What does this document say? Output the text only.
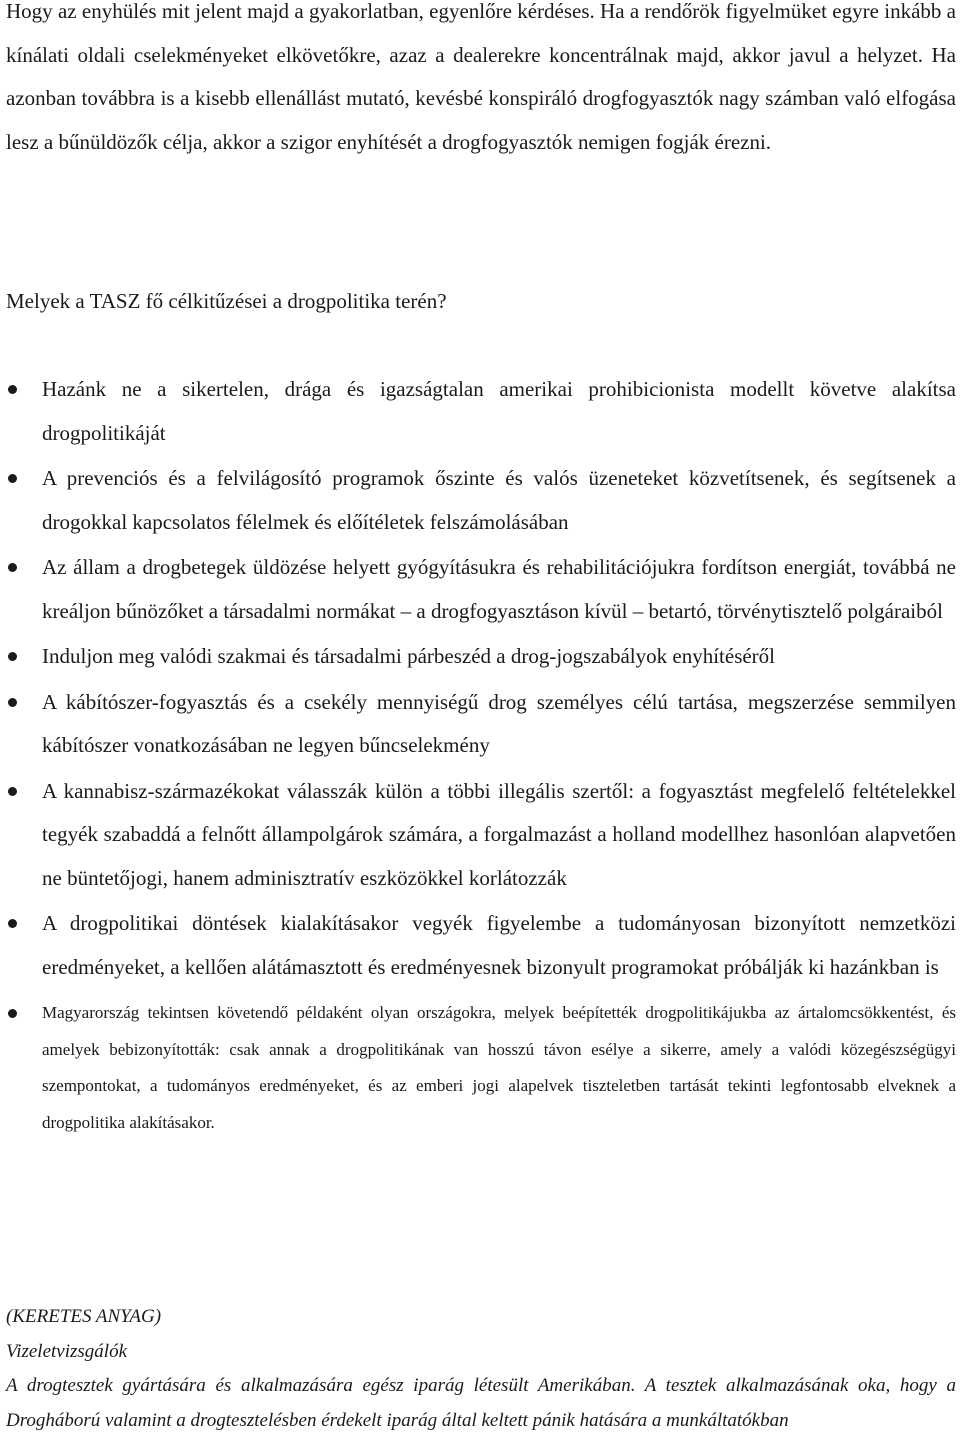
Hogy az enyhülés mit jelent majd a gyakorlatban, egyenlőre kérdéses. Ha a rendőrök figyelmüket egyre inkább a kínálati oldali cselekményeket elkövetőkre, azaz a dealerekre koncentrálnak majd, akkor javul a helyzet. Ha azonban továbbra is a kisebb ellenállást mutató, kevésbé konspiráló drogfogyasztók nagy számban való elfogása lesz a bűnüldözők célja, akkor a szigor enyhítését a drogfogyasztók nemigen fogják érezni.

Melyek a TASZ fő célkitűzései a drogpolitika terén?

Hazánk ne a sikertelen, drága és igazságtalan amerikai prohibicionista modellt követve alakítsa drogpolitikáját
A prevenciós és a felvilágosító programok őszinte és valós üzeneteket közvetítsenek, és segítsenek a drogokkal kapcsolatos félelmek és előítéletek felszámolásában
Az állam a drogbetegek üldözése helyett gyógyításukra és rehabilitációjukra fordítson energiát, továbbá ne kreáljon bűnözőket a társadalmi normákat – a drogfogyasztáson kívül – betartó, törvénytisztelő polgáraiból
Induljon meg valódi szakmai és társadalmi párbeszéd a drog-jogszabályok enyhítéséről
A kábítószer-fogyasztás és a csekély mennyiségű drog személyes célú tartása, megszerzése semmilyen kábítószer vonatkozásában ne legyen bűncselekmény
A kannabisz-származékokat válasszák külön a többi illegális szertől: a fogyasztást megfelelő feltételekkel tegyék szabaddá a felnőtt állampolgárok számára, a forgalmazást a holland modellhez hasonlóan alapvetően ne büntetőjogi, hanem adminisztratív eszközökkel korlátozzák
A drogpolitikai döntések kialakításakor vegyék figyelembe a tudományosan bizonyított nemzetközi eredményeket, a kellően alátámasztott és eredményesnek bizonyult programokat próbálják ki hazánkban is
Magyarország tekintsen követendő példaként olyan országokra, melyek beépítették drogpolitikájukba az ártalomcsökkentést, és amelyek bebizonyították: csak annak a drogpolitikának van hosszú távon esélye a sikerre, amely a valódi közegészségügyi szempontokat, a tudományos eredményeket, és az emberi jogi alapelvek tiszteletben tartását tekinti legfontosabb elveknek a drogpolitika alakításakor.

(KERETES ANYAG)

Vizeletvizsgálók

A drogtesztek gyártására és alkalmazására egész iparág létesült Amerikában. A tesztek alkalmazásának oka, hogy a Drogháború valamint a drogtesztelésben érdekelt iparág által keltett pánik hatására a munkáltatókban
